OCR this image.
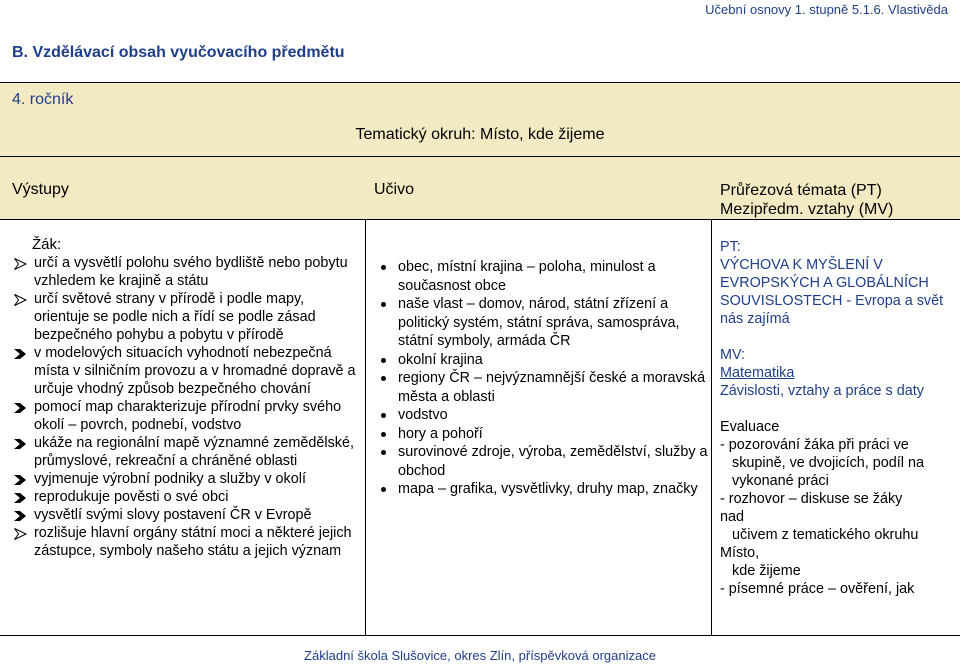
Učební osnovy 1. stupně 5.1.6. Vlastivěda
B. Vzdělávací obsah vyučovacího předmětu
4. ročník
Tematický okruh: Místo, kde žijeme
Výstupy	Učivo	Průřezová témata (PT)
Mezipředm. vztahy (MV)
Žák:
určí a vysvětlí polohu svého bydliště nebo pobytu vzhledem ke krajině a státu
určí světové strany v přírodě i podle mapy, orientuje se podle nich a řídí se podle zásad bezpečného pohybu a pobytu v přírodě
v modelových situacích vyhodnotí nebezpečná místa v silničním provozu a v hromadné dopravě a určuje vhodný způsob bezpečného chování
pomocí map charakterizuje přírodní prvky svého okolí – povrch, podnebí, vodstvo
ukáže na regionální mapě významné zemědělské, průmyslové, rekreační a chráněné oblasti
vyjmenuje výrobní podniky a služby v okolí
reprodukuje pověsti o své obci
vysvětlí svými slovy postavení ČR v Evropě
rozlišuje hlavní orgány státní moci a některé jejich zástupce, symboly našeho státu a jejich význam
obec, místní krajina – poloha, minulost a současnost obce
naše vlast – domov, národ, státní zřízení a politický systém, státní správa, samospráva, státní symboly, armáda ČR
okolní krajina
regiony ČR – nejvýznamnější české a moravská města a oblasti
vodstvo
hory a pohoří
surovinové zdroje, výroba, zemědělství, služby a obchod
mapa – grafika, vysvětlivky, druhy map, značky
PT:
VÝCHOVA K MYŠLENÍ V EVROPSKÝCH A GLOBÁLNÍCH SOUVISLOSTECH - Evropa a svět nás zajímá
MV:
Matematika
Závislosti, vztahy a práce s daty
Evaluace
- pozorování žáka při práci ve
skupině, ve dvojicích, podíl na
vykonané práci
- rozhovor – diskuse se žáky
nad
učivem z tematického okruhu
Místo,
kde žijeme
- písemné práce – ověření, jak
Základní škola Slušovice, okres Zlín, příspěvková organizace
